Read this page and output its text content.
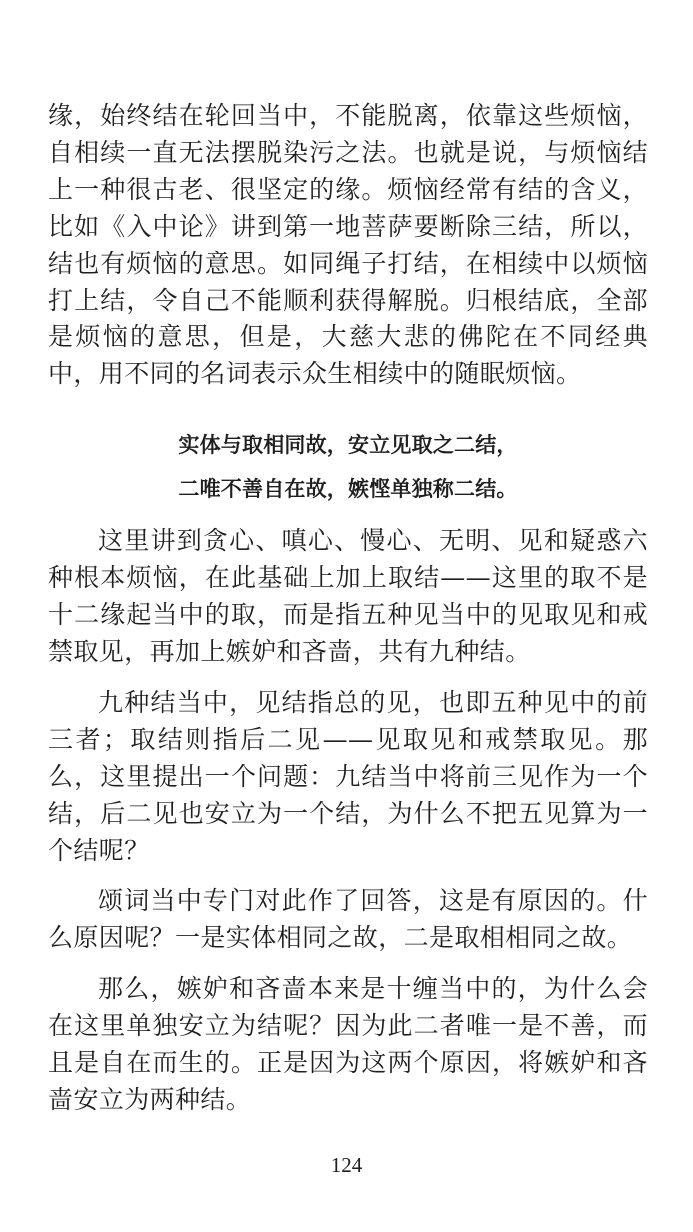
缘，始终结在轮回当中，不能脱离，依靠这些烦恼，自相续一直无法摆脱染污之法。也就是说，与烦恼结上一种很古老、很坚定的缘。烦恼经常有结的含义，比如《入中论》讲到第一地菩萨要断除三结，所以，结也有烦恼的意思。如同绳子打结，在相续中以烦恼打上结，令自己不能顺利获得解脱。归根结底，全部是烦恼的意思，但是，大慈大悲的佛陀在不同经典中，用不同的名词表示众生相续中的随眠烦恼。

实体与取相同故，安立见取之二结，

二唯不善自在故，嫉悭单独称二结。

这里讲到贪心、嗔心、慢心、无明、见和疑惑六种根本烦恼，在此基础上加上取结——这里的取不是十二缘起当中的取，而是指五种见当中的见取见和戒禁取见，再加上嫉妒和吝啬，共有九种结。

九种结当中，见结指总的见，也即五种见中的前三者；取结则指后二见——见取见和戒禁取见。那么，这里提出一个问题：九结当中将前三见作为一个结，后二见也安立为一个结，为什么不把五见算为一个结呢？

颂词当中专门对此作了回答，这是有原因的。什么原因呢？一是实体相同之故，二是取相相同之故。

那么，嫉妒和吝啬本来是十缠当中的，为什么会在这里单独安立为结呢？因为此二者唯一是不善，而且是自在而生的。正是因为这两个原因，将嫉妒和吝啬安立为两种结。

124
